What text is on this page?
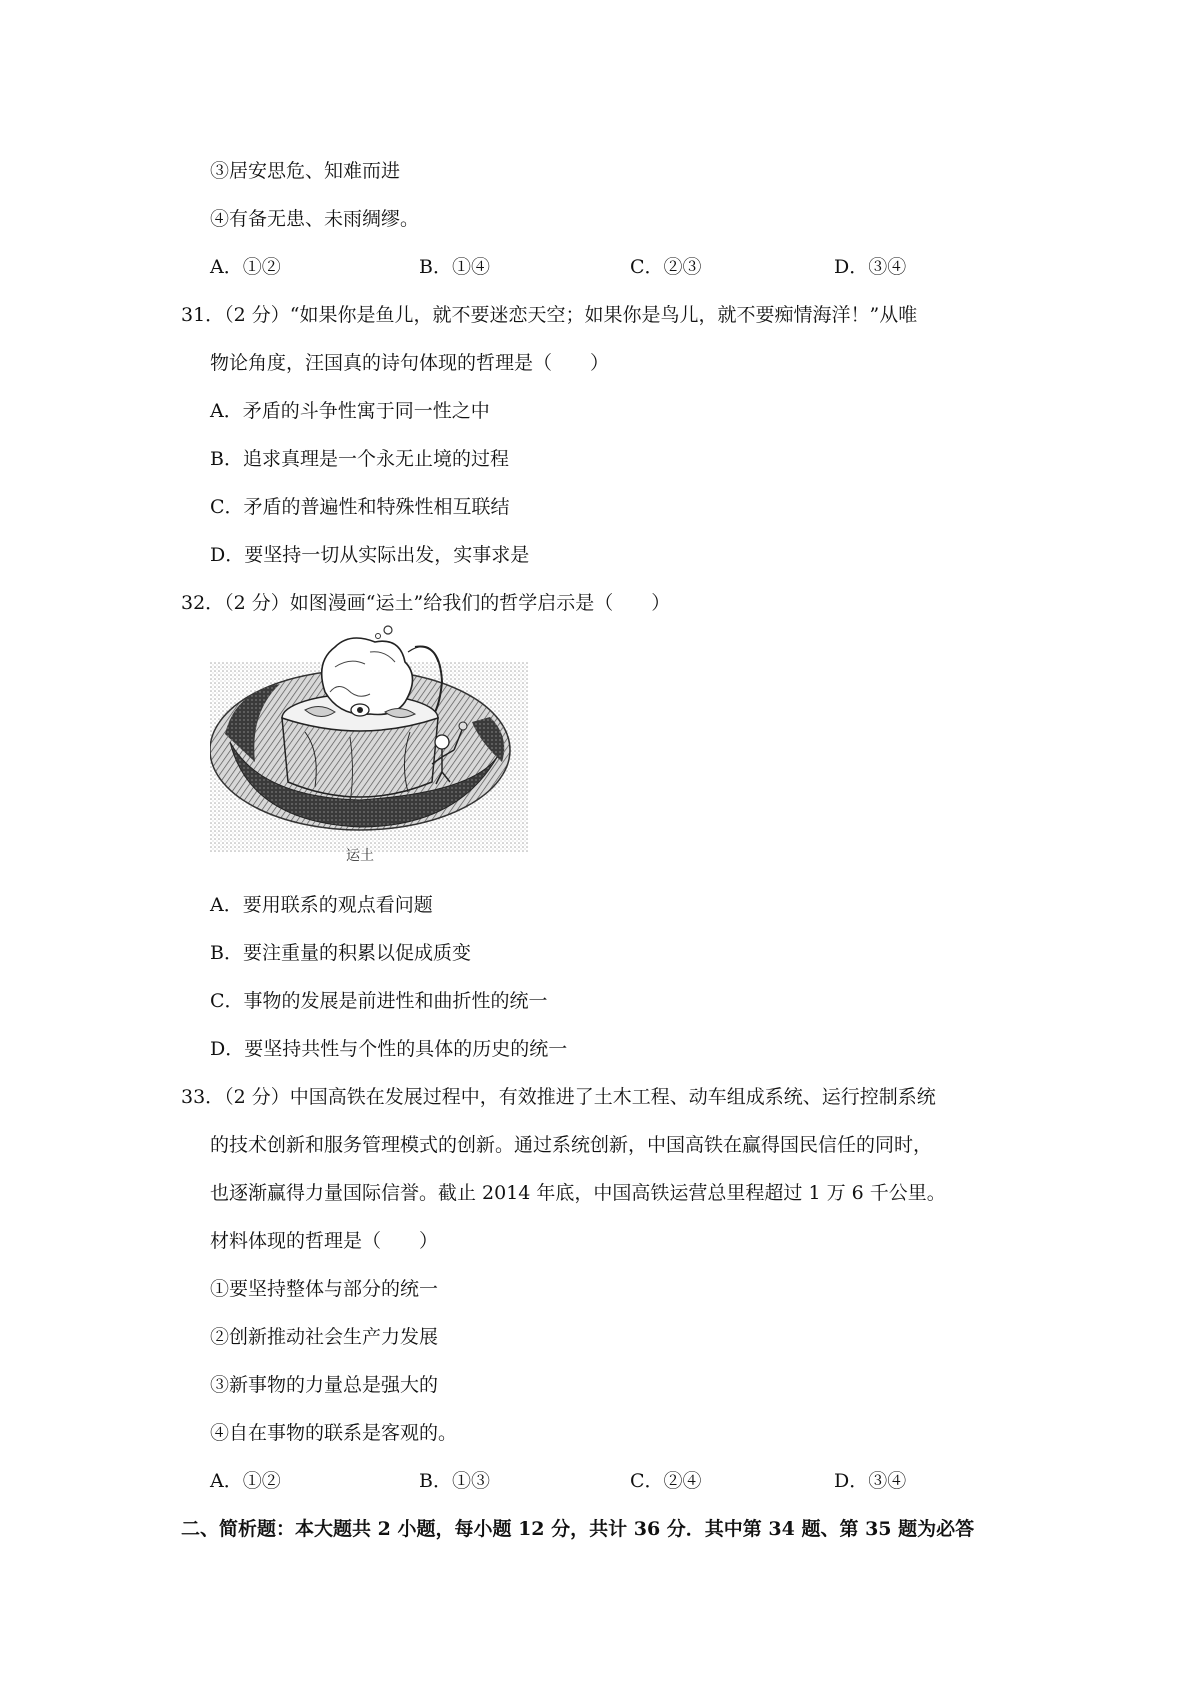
③居安思危、知难而进
④有备无患、未雨绸缪。
A．①②	B．①④	C．②③	D．③④
31．（2 分）“如果你是鱼儿，就不要迷恋天空；如果你是鸟儿，就不要痴情海洋！”从唯
物论角度，汪国真的诗句体现的哲理是（　　）
A．矛盾的斗争性寓于同一性之中
B．追求真理是一个永无止境的过程
C．矛盾的普遍性和特殊性相互联结
D．要坚持一切从实际出发，实事求是
32．（2 分）如图漫画“运土”给我们的哲学启示是（　　）
运土
A．要用联系的观点看问题
B．要注重量的积累以促成质变
C．事物的发展是前进性和曲折性的统一
D．要坚持共性与个性的具体的历史的统一
33．（2 分）中国高铁在发展过程中，有效推进了土木工程、动车组成系统、运行控制系统
的技术创新和服务管理模式的创新。通过系统创新，中国高铁在赢得国民信任的同时，
也逐渐赢得力量国际信誉。截止 2014 年底，中国高铁运营总里程超过 1 万 6 千公里。
材料体现的哲理是（　　）
①要坚持整体与部分的统一
②创新推动社会生产力发展
③新事物的力量总是强大的
④自在事物的联系是客观的。
A．①②	B．①③	C．②④	D．③④
二、简析题：本大题共 2 小题，每小题 12 分，共计 36 分．其中第 34 题、第 35 题为必答
